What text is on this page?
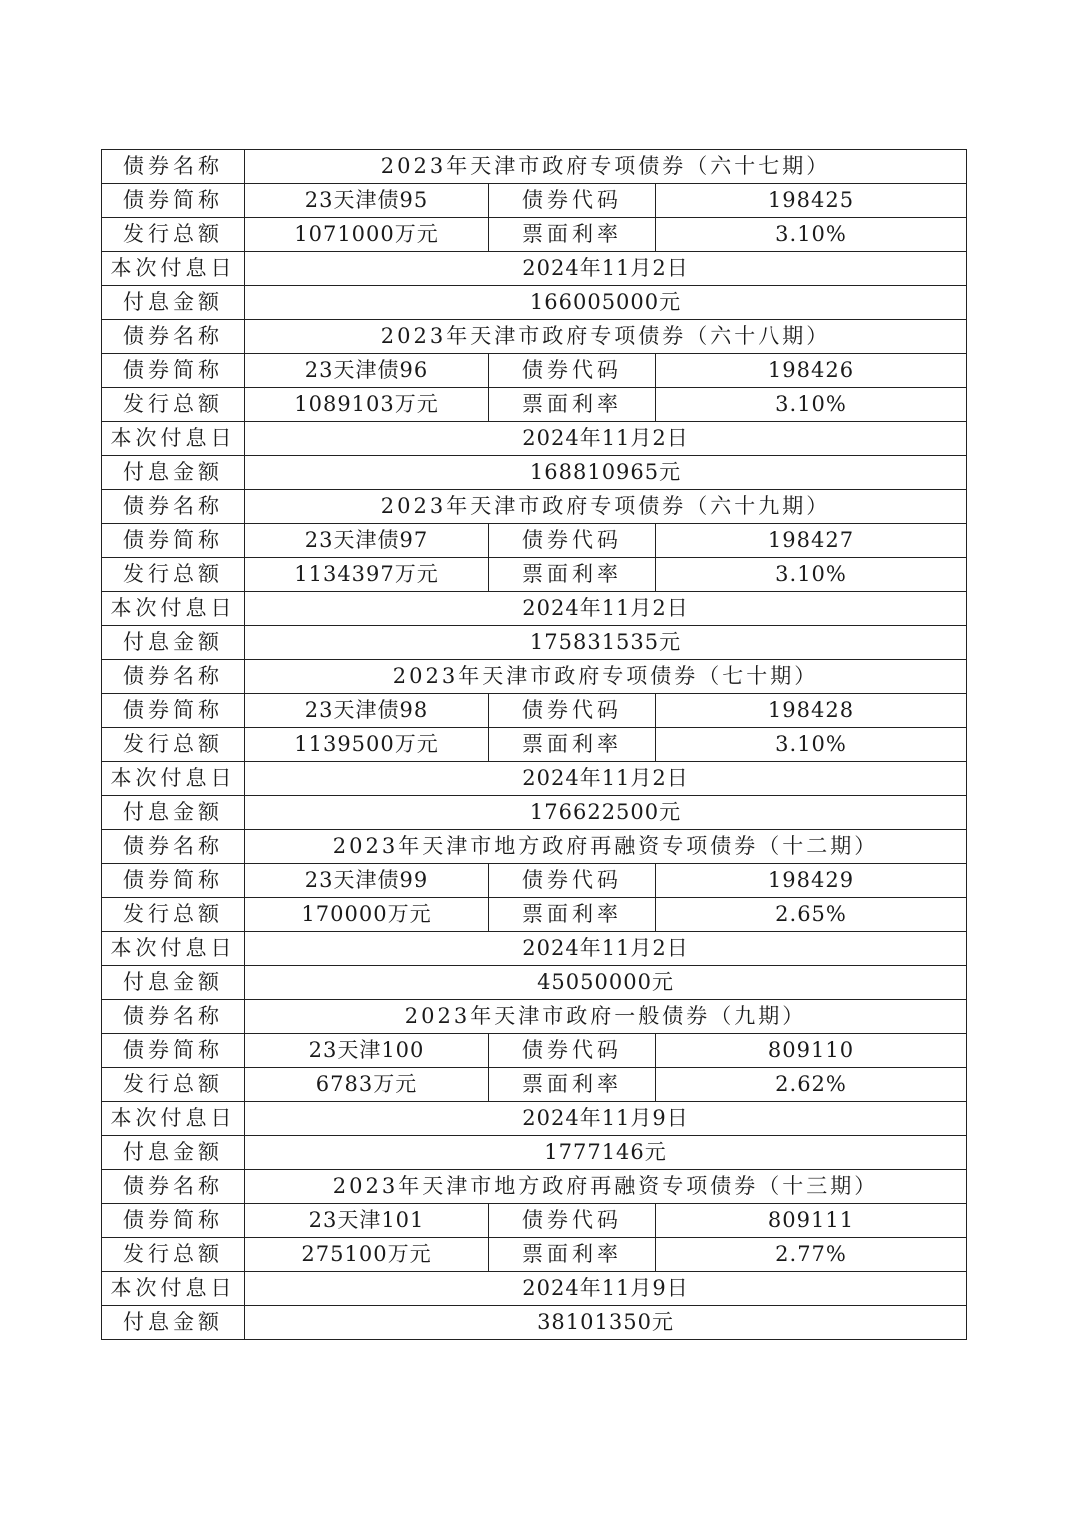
债券名称	2023年天津市政府专项债券（六十七期）		
债券简称	23天津债95	债券代码	198425
发行总额	1071000万元	票面利率	3.10%
本次付息日	2024年11月2日		
付息金额	166005000元		
债券名称	2023年天津市政府专项债券（六十八期）		
债券简称	23天津债96	债券代码	198426
发行总额	1089103万元	票面利率	3.10%
本次付息日	2024年11月2日		
付息金额	168810965元		
债券名称	2023年天津市政府专项债券（六十九期）		
债券简称	23天津债97	债券代码	198427
发行总额	1134397万元	票面利率	3.10%
本次付息日	2024年11月2日		
付息金额	175831535元		
债券名称	2023年天津市政府专项债券（七十期）		
债券简称	23天津债98	债券代码	198428
发行总额	1139500万元	票面利率	3.10%
本次付息日	2024年11月2日		
付息金额	176622500元		
债券名称	2023年天津市地方政府再融资专项债券（十二期）		
债券简称	23天津债99	债券代码	198429
发行总额	170000万元	票面利率	2.65%
本次付息日	2024年11月2日		
付息金额	45050000元		
债券名称	2023年天津市政府一般债券（九期）		
债券简称	23天津100	债券代码	809110
发行总额	6783万元	票面利率	2.62%
本次付息日	2024年11月9日		
付息金额	1777146元		
债券名称	2023年天津市地方政府再融资专项债券（十三期）		
债券简称	23天津101	债券代码	809111
发行总额	275100万元	票面利率	2.77%
本次付息日	2024年11月9日		
付息金额	38101350元		
